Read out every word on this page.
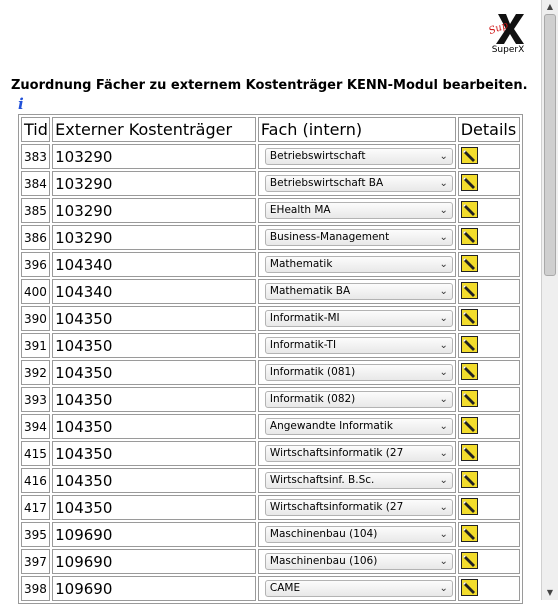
Sup
SuperX
Zuordnung Fächer zu externem Kostenträger KENN-Modul bearbeiten.
i
Tid	Externer Kostenträger	Fach (intern)	Details
383	103290	Betriebswirtschaft ⌄

384	103290	Betriebswirtschaft BA ⌄

385	103290	EHealth MA ⌄

386	103290	Business-Management ⌄

396	104340	Mathematik ⌄

400	104340	Mathematik BA ⌄

390	104350	Informatik-MI ⌄

391	104350	Informatik-TI ⌄

392	104350	Informatik (081) ⌄

393	104350	Informatik (082) ⌄

394	104350	Angewandte Informatik ⌄

415	104350	Wirtschaftsinformatik (27 ⌄

416	104350	Wirtschaftsinf. B.Sc. ⌄

417	104350	Wirtschaftsinformatik (27 ⌄

395	109690	Maschinenbau (104) ⌄

397	109690	Maschinenbau (106) ⌄

398	109690	CAME ⌄

▲
▼
